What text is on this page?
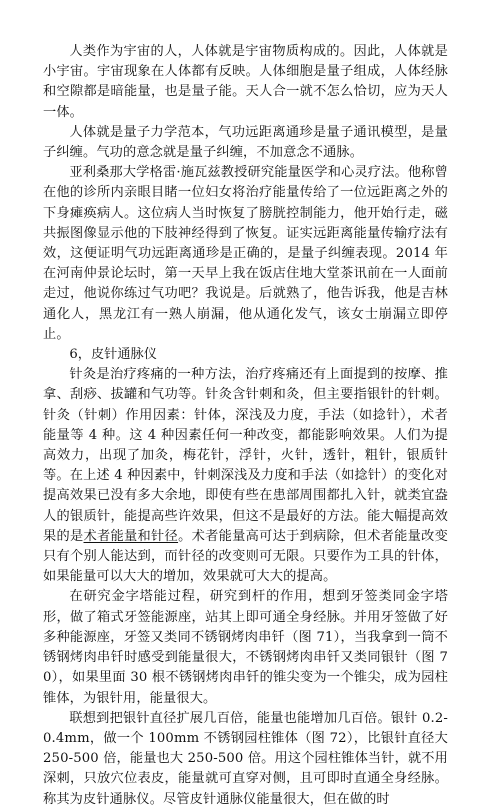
人类作为宇宙的人，人体就是宇宙物质构成的。因此，人体就是小宇宙。宇宙现象在人体都有反映。人体细胞是量子组成，人体经脉和空隙都是暗能量，也是量子能。天人合一就不怎么恰切，应为天人一体。

人体就是量子力学范本，气功远距离通珍是量子通讯模型，是量子纠缠。气功的意念就是量子纠缠，不加意念不通脉。

亚利桑那大学格雷·施瓦兹教授研究能量医学和心灵疗法。他称曾在他的诊所内亲眼目睹一位妇女将治疗能量传给了一位远距离之外的下身瘫痪病人。这位病人当时恢复了膀胱控制能力，他开始行走，磁共振图像显示他的下肢神经得到了恢复。证实远距离能量传输疗法有效，这便证明气功远距离通珍是正确的，是量子纠缠表现。2014 年在河南仲景论坛时，第一天早上我在饭店住地大堂茶讯前在一人面前走过，他说你练过气功吧？我说是。后就熟了，他告诉我，他是吉林通化人，黑龙江有一熟人崩漏，他从通化发气，该女士崩漏立即停止。

6，皮针通脉仪

针灸是治疗疼痛的一种方法，治疗疼痛还有上面提到的按摩、推拿、刮痧、拔罐和气功等。针灸含针刺和灸，但主要指银针的针刺。针灸（针刺）作用因素：针体，深浅及力度，手法（如捻针），术者能量等 4 种。这 4 种因素任何一种改变，都能影响效果。人们为提高效力，出现了加灸，梅花针，浮针，火针，透针，粗针，银质针等。在上述 4 种因素中，针刺深浅及力度和手法（如捻针）的变化对提高效果已没有多大余地，即使有些在患部周围都扎入针，就类宜盎人的银质针，能提高些许效果，但这不是最好的方法。能大幅提高效果的是术者能量和针径。术者能量高可达于到病除，但术者能量改变只有个别人能达到，而针径的改变则可无限。只要作为工具的针体，如果能量可以大大的增加，效果就可大大的提高。

在研究金字塔能过程，研究到杆的作用，想到牙签类同金字塔形，做了箱式牙签能源座，站其上即可通全身经脉。并用牙签做了好多种能源座，牙签又类同不锈钢烤肉串钎（图 71），当我拿到一筒不锈钢烤肉串钎时感受到能量很大，不锈钢烤肉串钎又类同银针（图 70），如果里面 30 根不锈钢烤肉串钎的锥尖变为一个锥尖，成为园柱锥体，为银针用，能量很大。

联想到把银针直径扩展几百倍，能量也能增加几百倍。银针 0.2-0.4mm，做一个 100mm 不锈钢园柱锥体（图 72），比银针直径大 250-500 倍，能量也大 250-500 倍。用这个园柱锥体当针，就不用深刺，只放穴位表皮，能量就可直穿对侧，且可即时直通全身经脉。称其为皮针通脉仪。尽管皮针通脉仪能量很大，但在做的时
